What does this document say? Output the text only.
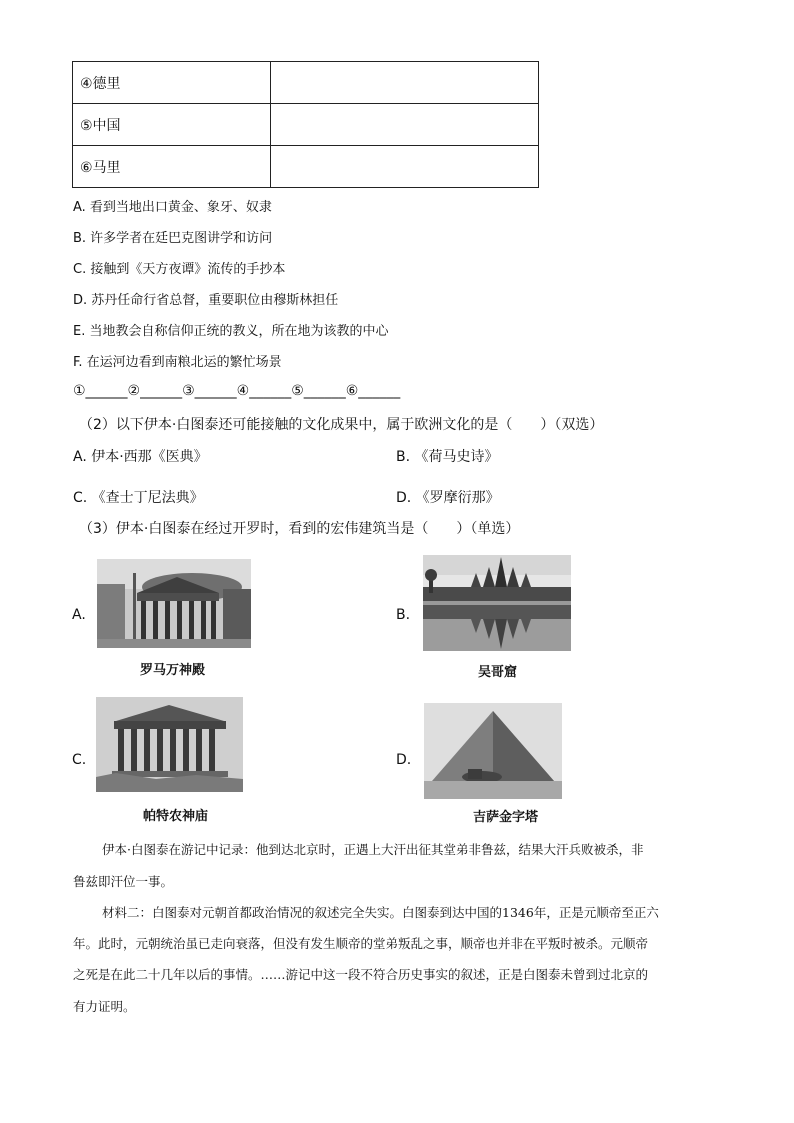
④德里	
⑤中国	
⑥马里	
A. 看到当地出口黄金、象牙、奴隶
B. 许多学者在廷巴克图讲学和访问
C. 接触到《天方夜谭》流传的手抄本
D. 苏丹任命行省总督，重要职位由穆斯林担任
E. 当地教会自称信仰正统的教义，所在地为该教的中心
F. 在运河边看到南粮北运的繁忙场景
①______②______③______④______⑤______⑥______
（2）以下伊本·白图泰还可能接触的文化成果中，属于欧洲文化的是（　　）（双选）
A. 伊本·西那《医典》	B. 《荷马史诗》
C. 《查士丁尼法典》	D. 《罗摩衍那》
（3）伊本·白图泰在经过开罗时，看到的宏伟建筑当是（　　）（单选）
A.
罗马万神殿
B.
吴哥窟
C.
帕特农神庙
D.
吉萨金字塔
伊本·白图泰在游记中记录：他到达北京时，正遇上大汗出征其堂弟非鲁兹，结果大汗兵败被杀，非
鲁兹即汗位一事。
材料二：白图泰对元朝首都政治情况的叙述完全失实。白图泰到达中国的1346年，正是元顺帝至正六
年。此时，元朝统治虽已走向衰落，但没有发生顺帝的堂弟叛乱之事，顺帝也并非在平叛时被杀。元顺帝
之死是在此二十几年以后的事情。……游记中这一段不符合历史事实的叙述，正是白图泰未曾到过北京的
有力证明。
